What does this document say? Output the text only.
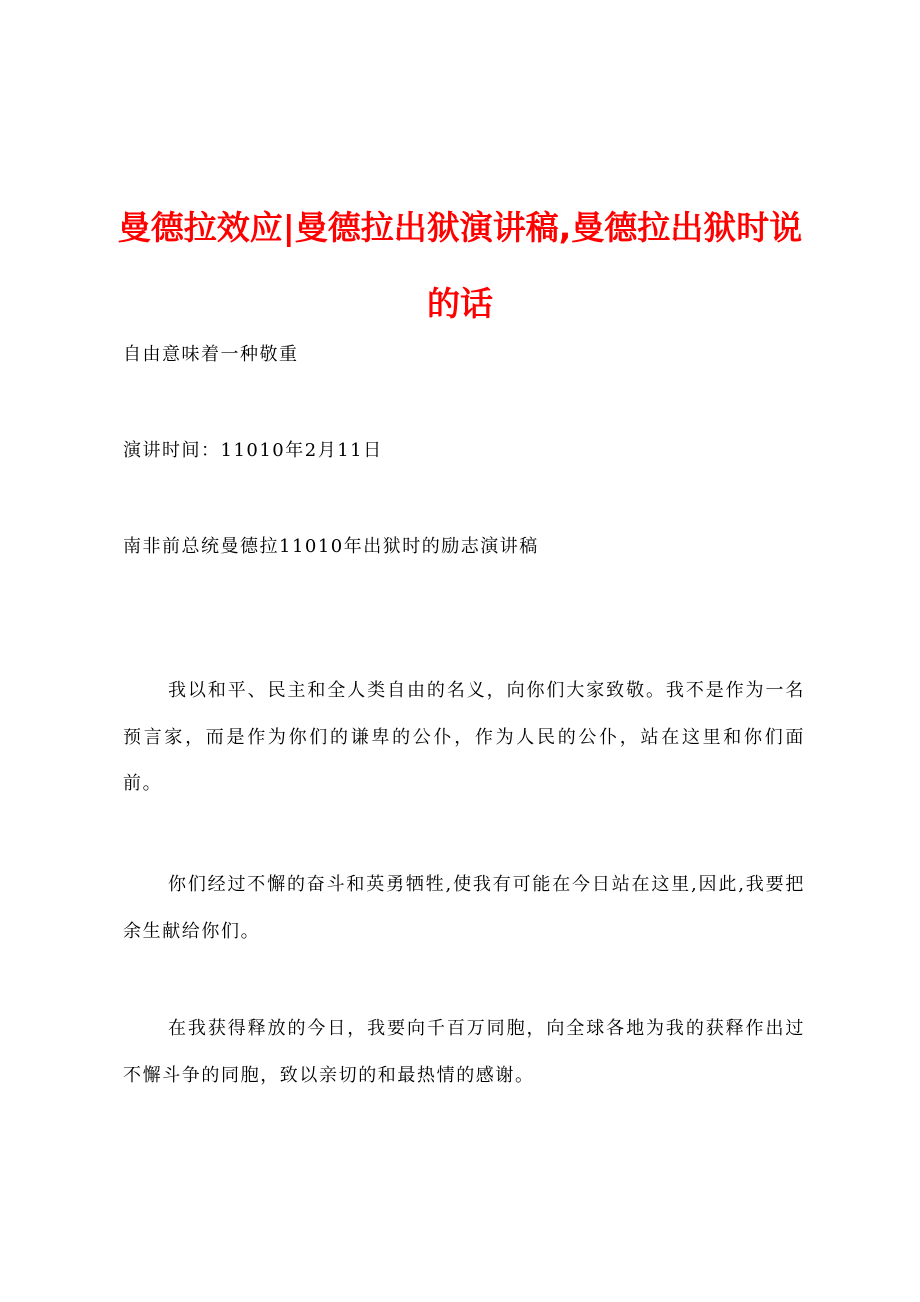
曼德拉效应|曼德拉出狱演讲稿,曼德拉出狱时说的话
自由意味着一种敬重
演讲时间：11010年2月11日
南非前总统曼德拉11010年出狱时的励志演讲稿
我以和平、民主和全人类自由的名义，向你们大家致敬。我不是作为一名预言家，而是作为你们的谦卑的公仆，作为人民的公仆，站在这里和你们面前。
你们经过不懈的奋斗和英勇牺牲,使我有可能在今日站在这里,因此,我要把余生献给你们。
在我获得释放的今日，我要向千百万同胞，向全球各地为我的获释作出过不懈斗争的同胞，致以亲切的和最热情的感谢。
